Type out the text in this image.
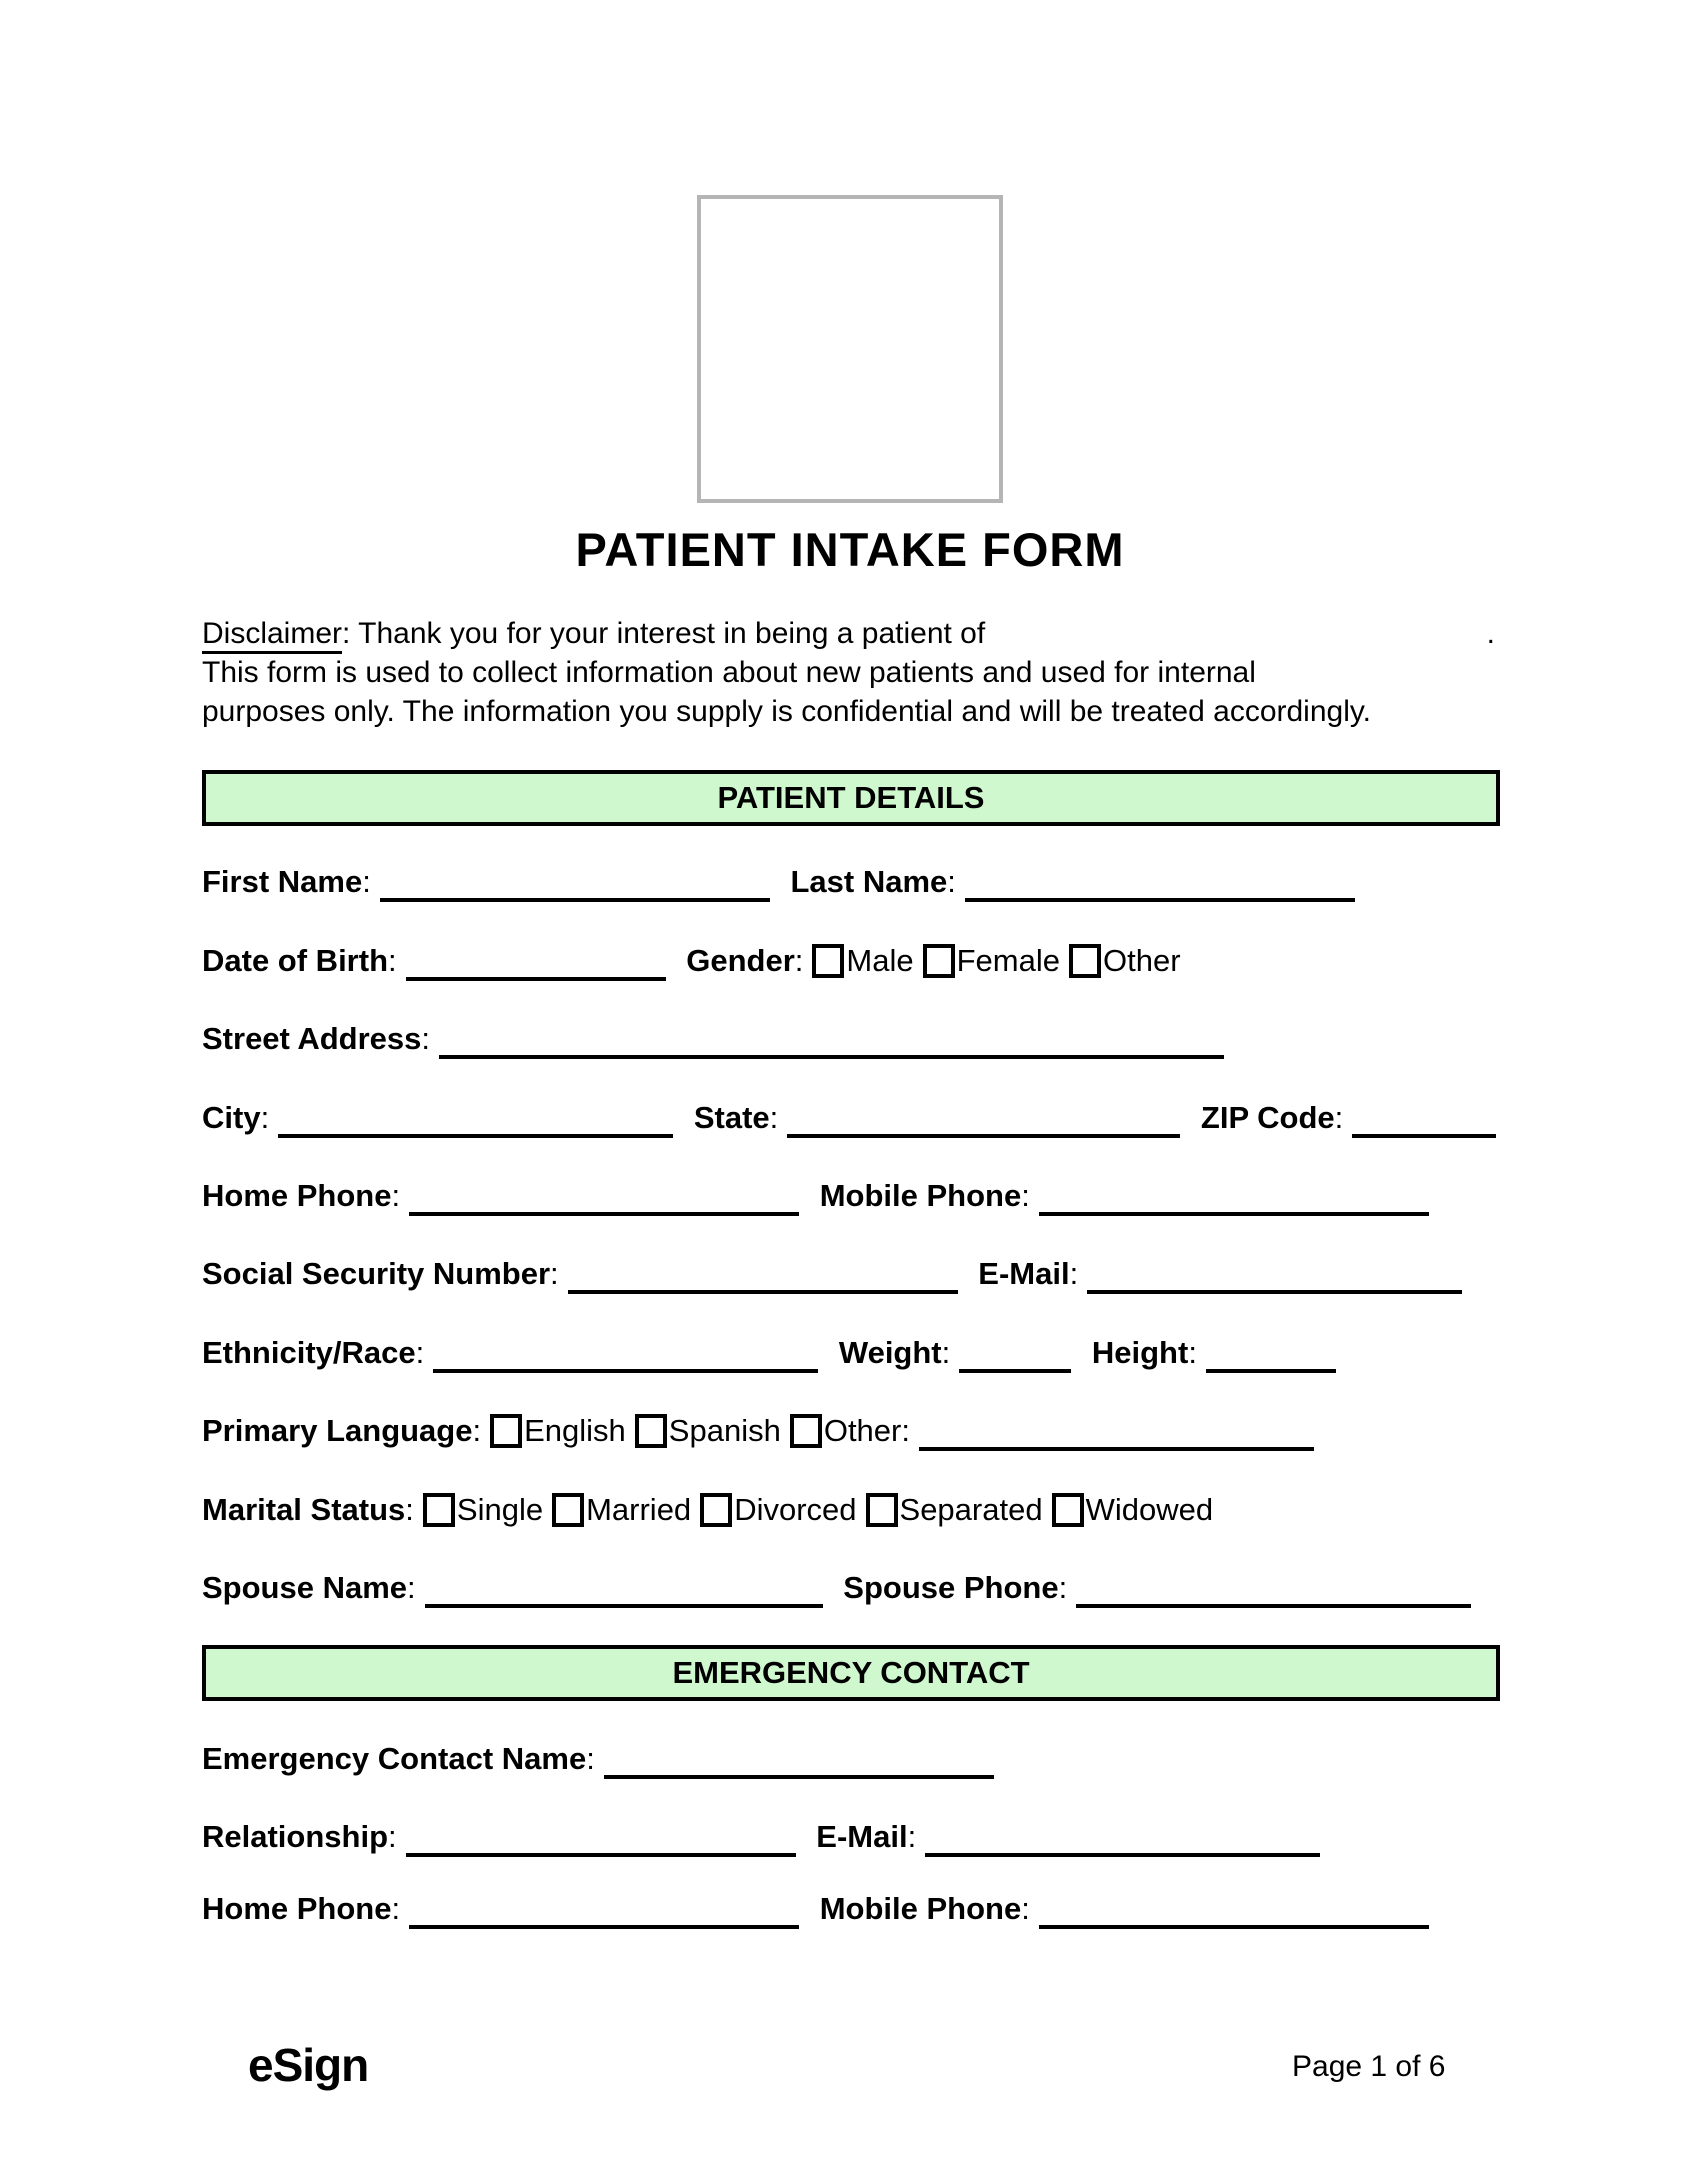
PATIENT INTAKE FORM
Disclaimer: Thank you for your interest in being a patient of	.
This form is used to collect information about new patients and used for internal
purposes only. The information you supply is confidential and will be treated accordingly.
PATIENT DETAILS
First Name:	Last Name:
Date of Birth:	Gender: Male Female Other
Street Address:
City:	State:	ZIP Code:
Home Phone:	Mobile Phone:
Social Security Number:	E-Mail:
Ethnicity/Race:	Weight:	Height:
Primary Language: English Spanish Other:
Marital Status: Single Married Divorced Separated Widowed
Spouse Name:	Spouse Phone:
EMERGENCY CONTACT
Emergency Contact Name:
Relationship:	E-Mail:
Home Phone:	Mobile Phone:
eSign	Page 1 of 6
